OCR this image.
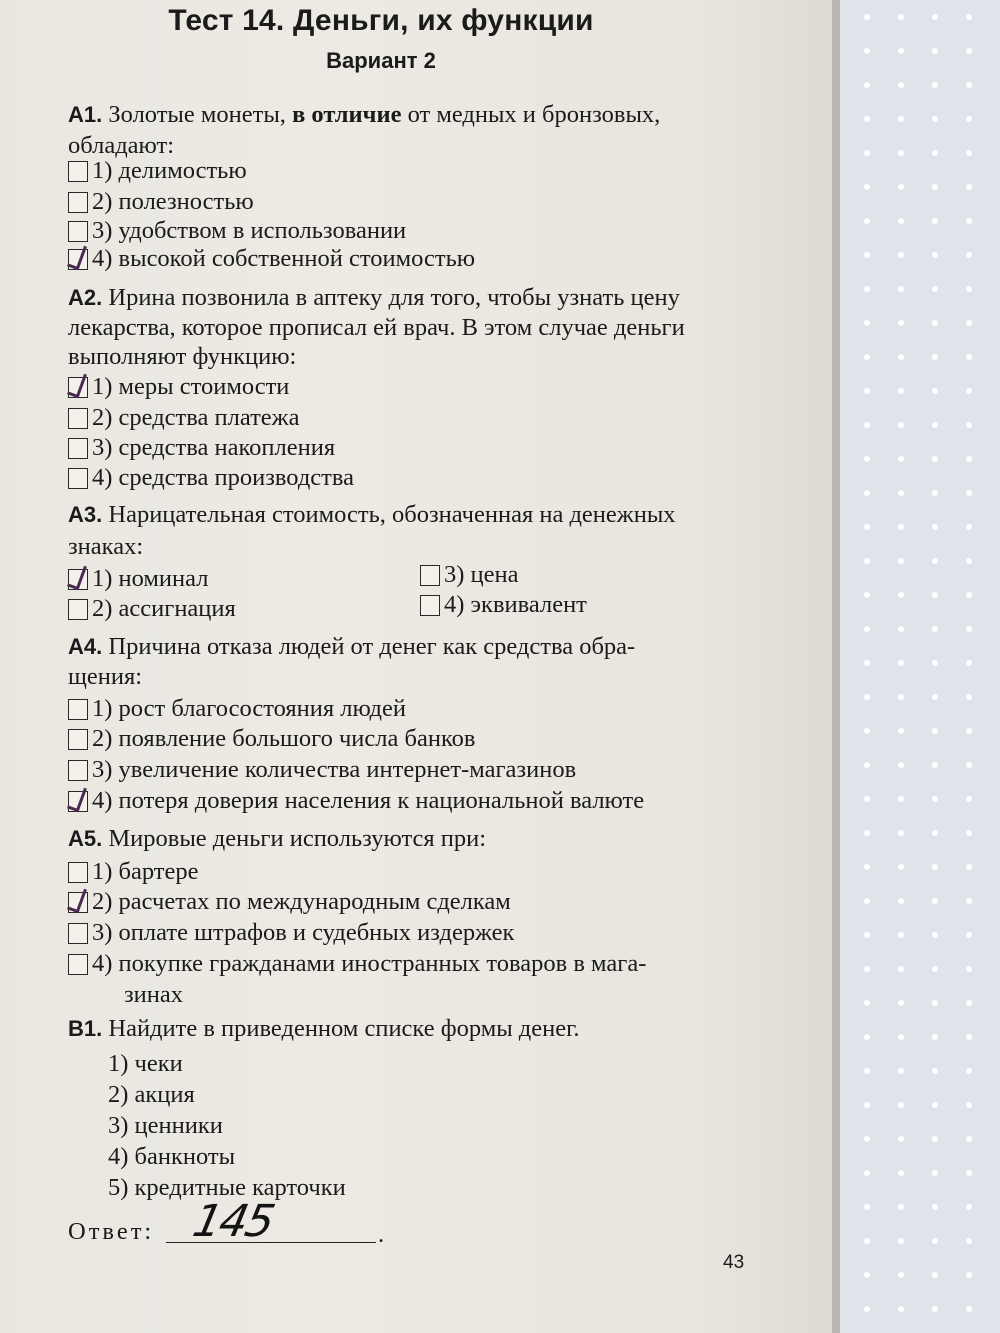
Тест 14. Деньги, их функции
Вариант 2
А1. Золотые монеты, в отличие от медных и бронзовых,
обладают:
1) делимостью
2) полезностью
3) удобством в использовании
4) высокой собственной стоимостью
А2. Ирина позвонила в аптеку для того, чтобы узнать цену
лекарства, которое прописал ей врач. В этом случае деньги
выполняют функцию:
1) меры стоимости
2) средства платежа
3) средства накопления
4) средства производства
А3. Нарицательная стоимость, обозначенная на денежных
знаках:
1) номинал
2) ассигнация
3) цена
4) эквивалент
А4. Причина отказа людей от денег как средства обра-
щения:
1) рост благосостояния людей
2) появление большого числа банков
3) увеличение количества интернет-магазинов
4) потеря доверия населения к национальной валюте
А5. Мировые деньги используются при:
1) бартере
2) расчетах по международным сделкам
3) оплате штрафов и судебных издержек
4) покупке гражданами иностранных товаров в мага-
зинах
В1. Найдите в приведенном списке формы денег.
1) чеки
2) акция
3) ценники
4) банкноты
5) кредитные карточки
Ответ: 145	.
43
